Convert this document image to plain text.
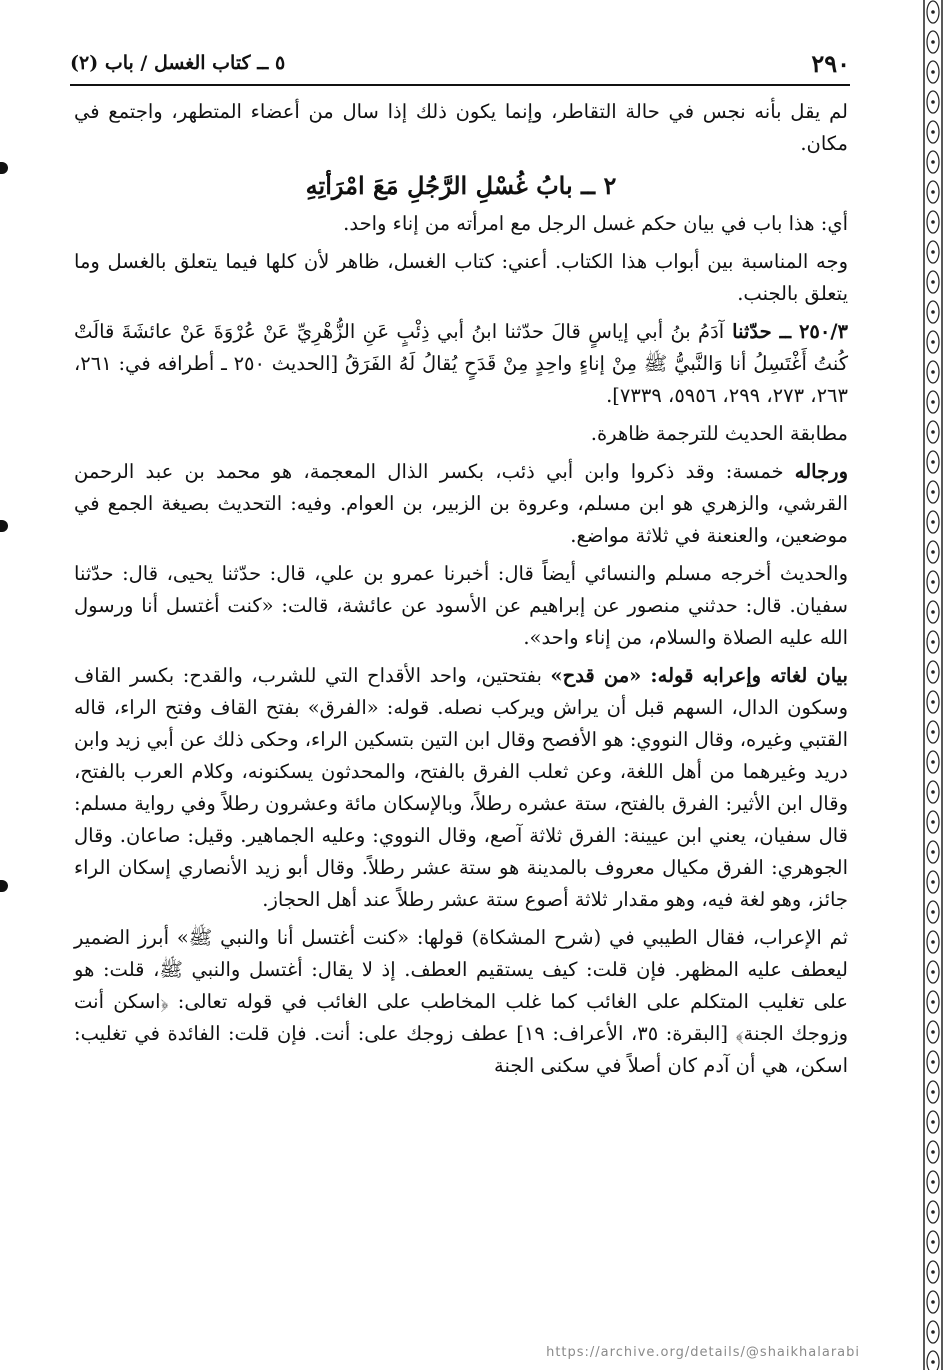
٢٩٠
٥ ــ كتاب الغسل / باب (٢)

لم يقل بأنه نجس في حالة التقاطر، وإنما يكون ذلك إذا سال من أعضاء المتطهر، واجتمع في مكان.

٢ ــ بابُ غُسْلِ الرَّجُلِ مَعَ امْرَأتِهِ

أي: هذا باب في بيان حكم غسل الرجل مع امرأته من إناء واحد.

وجه المناسبة بين أبواب هذا الكتاب. أعني: كتاب الغسل، ظاهر لأن كلها فيما يتعلق بالغسل وما يتعلق بالجنب.

٢٥٠/٣ ــ حدّثنا آدَمُ بنُ أبي إياسٍ قالَ حدّثنا ابنُ أبي ذِئْبٍ عَنِ الزُّهْرِيِّ عَنْ عُرْوَةَ عَنْ عائشَةَ قالَتْ كُنتُ أَغْتَسِلُ أنا وَالنَّبيُّ ﷺ مِنْ إناءٍ واحِدٍ مِنْ قَدَحٍ يُقالُ لَهُ الفَرَقُ [الحديث ٢٥٠ ـ أطرافه في: ٢٦١، ٢٦٣، ٢٧٣، ٢٩٩، ٥٩٥٦، ٧٣٣٩].

مطابقة الحديث للترجمة ظاهرة.

ورجاله خمسة: وقد ذكروا وابن أبي ذئب، بكسر الذال المعجمة، هو محمد بن عبد الرحمن القرشي، والزهري هو ابن مسلم، وعروة بن الزبير، بن العوام. وفيه: التحديث بصيغة الجمع في موضعين، والعنعنة في ثلاثة مواضع.

والحديث أخرجه مسلم والنسائي أيضاً قال: أخبرنا عمرو بن علي، قال: حدّثنا يحيى، قال: حدّثنا سفيان. قال: حدثني منصور عن إبراهيم عن الأسود عن عائشة، قالت: «كنت أغتسل أنا ورسول الله عليه الصلاة والسلام، من إناء واحد».

بيان لغاته وإعرابه قوله: «من قدح» بفتحتين، واحد الأقداح التي للشرب، والقدح: بكسر القاف وسكون الدال، السهم قبل أن يراش ويركب نصله. قوله: «الفرق» بفتح القاف وفتح الراء، قاله القتبي وغيره، وقال النووي: هو الأفصح وقال ابن التين بتسكين الراء، وحكى ذلك عن أبي زيد وابن دريد وغيرهما من أهل اللغة، وعن ثعلب الفرق بالفتح، والمحدثون يسكنونه، وكلام العرب بالفتح، وقال ابن الأثير: الفرق بالفتح، ستة عشره رطلاً، وبالإسكان مائة وعشرون رطلاً وفي رواية مسلم: قال سفيان، يعني ابن عيينة: الفرق ثلاثة آصع، وقال النووي: وعليه الجماهير. وقيل: صاعان. وقال الجوهري: الفرق مكيال معروف بالمدينة هو ستة عشر رطلاً. وقال أبو زيد الأنصاري إسكان الراء جائز، وهو لغة فيه، وهو مقدار ثلاثة أصوع ستة عشر رطلاً عند أهل الحجاز.

ثم الإعراب، فقال الطيبي في (شرح المشكاة) قولها: «كنت أغتسل أنا والنبي ﷺ» أبرز الضمير ليعطف عليه المظهر. فإن قلت: كيف يستقيم العطف. إذ لا يقال: أغتسل والنبي ﷺ، قلت: هو على تغليب المتكلم على الغائب كما غلب المخاطب على الغائب في قوله تعالى: ﴿اسكن أنت وزوجك الجنة﴾ [البقرة: ٣٥، الأعراف: ١٩] عطف زوجك على: أنت. فإن قلت: الفائدة في تغليب: اسكن، هي أن آدم كان أصلاً في سكنى الجنة

https://archive.org/details/@shaikhalarabi
